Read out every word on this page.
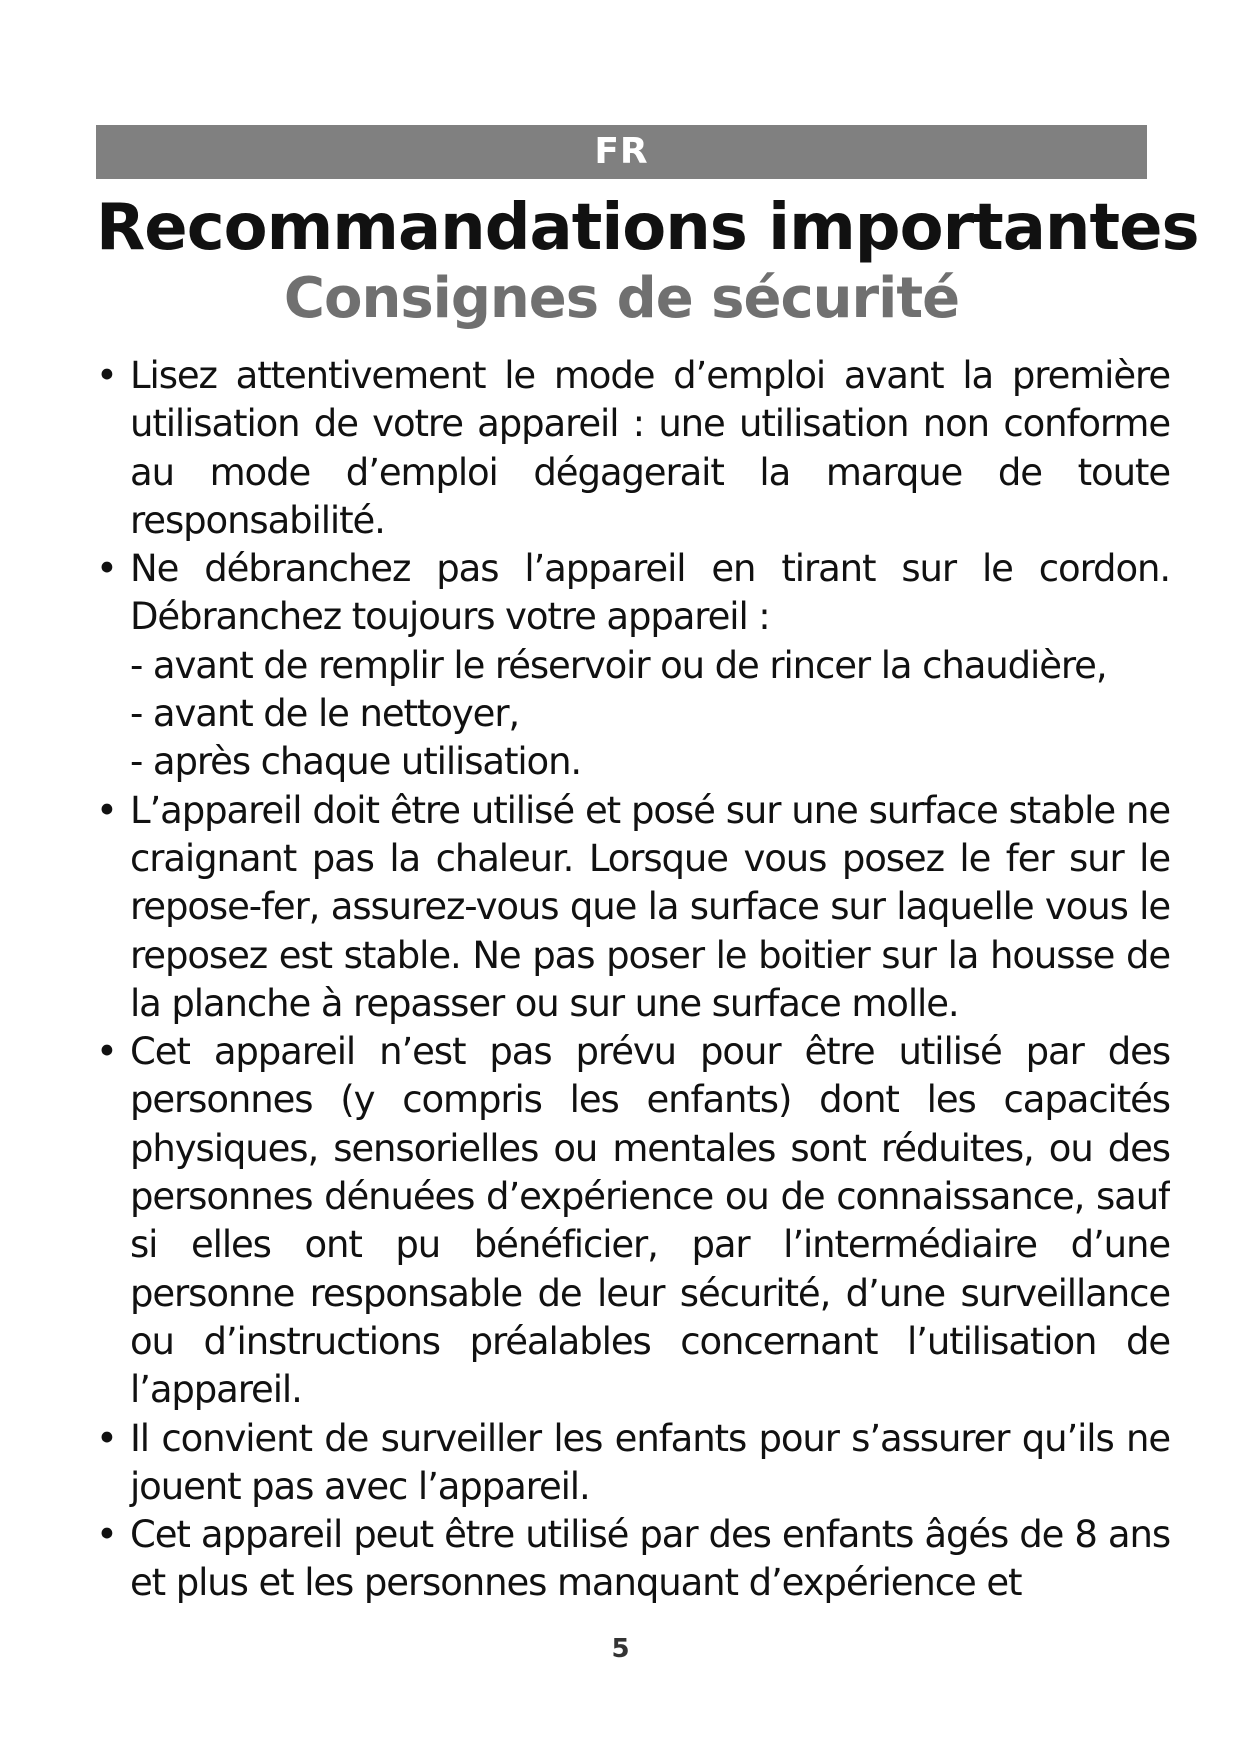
FR
Recommandations importantes
Consignes de sécurité
• Lisez attentivement le mode d’emploi avant la première utilisation de votre appareil : une utilisation non conforme au mode d’emploi dégagerait la marque de toute responsabilité.
• Ne débranchez pas l’appareil en tirant sur le cordon. Débranchez toujours votre appareil :
- avant de remplir le réservoir ou de rincer la chaudière,
- avant de le nettoyer,
- après chaque utilisation.
• L’appareil doit être utilisé et posé sur une surface stable ne craignant pas la chaleur. Lorsque vous posez le fer sur le repose-fer, assurez-vous que la surface sur laquelle vous le reposez est stable. Ne pas poser le boitier sur la housse de la planche à repasser ou sur une surface molle.
• Cet appareil n’est pas prévu pour être utilisé par des personnes (y compris les enfants) dont les capacités physiques, sensorielles ou mentales sont réduites, ou des personnes dénuées d’expérience ou de connaissance, sauf si elles ont pu bénéficier, par l’intermédiaire d’une personne responsable de leur sécurité, d’une surveillance ou d’instructions préalables concernant l’utilisation de l’appareil.
• Il convient de surveiller les enfants pour s’assurer qu’ils ne jouent pas avec l’appareil.
• Cet appareil peut être utilisé par des enfants âgés de 8 ans et plus et les personnes manquant d’expérience et
5
